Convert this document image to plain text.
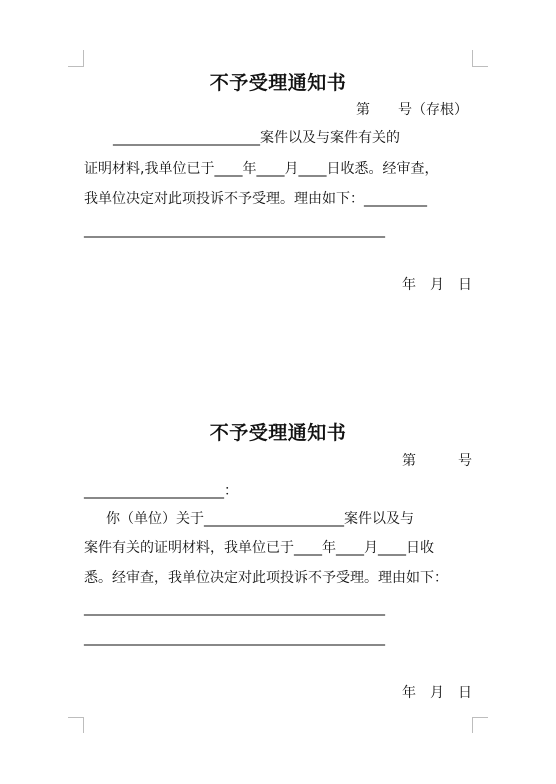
不予受理通知书
第　　号（存根）
_____________________案件以及与案件有关的
证明材料,我单位已于____年____月____日收悉。经审查，
我单位决定对此项投诉不予受理。理由如下：_________
___________________________________________
年　月　日
不予受理通知书
第　　　号
____________________：
你（单位）关于____________________案件以及与
案件有关的证明材料，我单位已于____年____月____日收
悉。经审查，我单位决定对此项投诉不予受理。理由如下：
___________________________________________
___________________________________________
年　月　日
